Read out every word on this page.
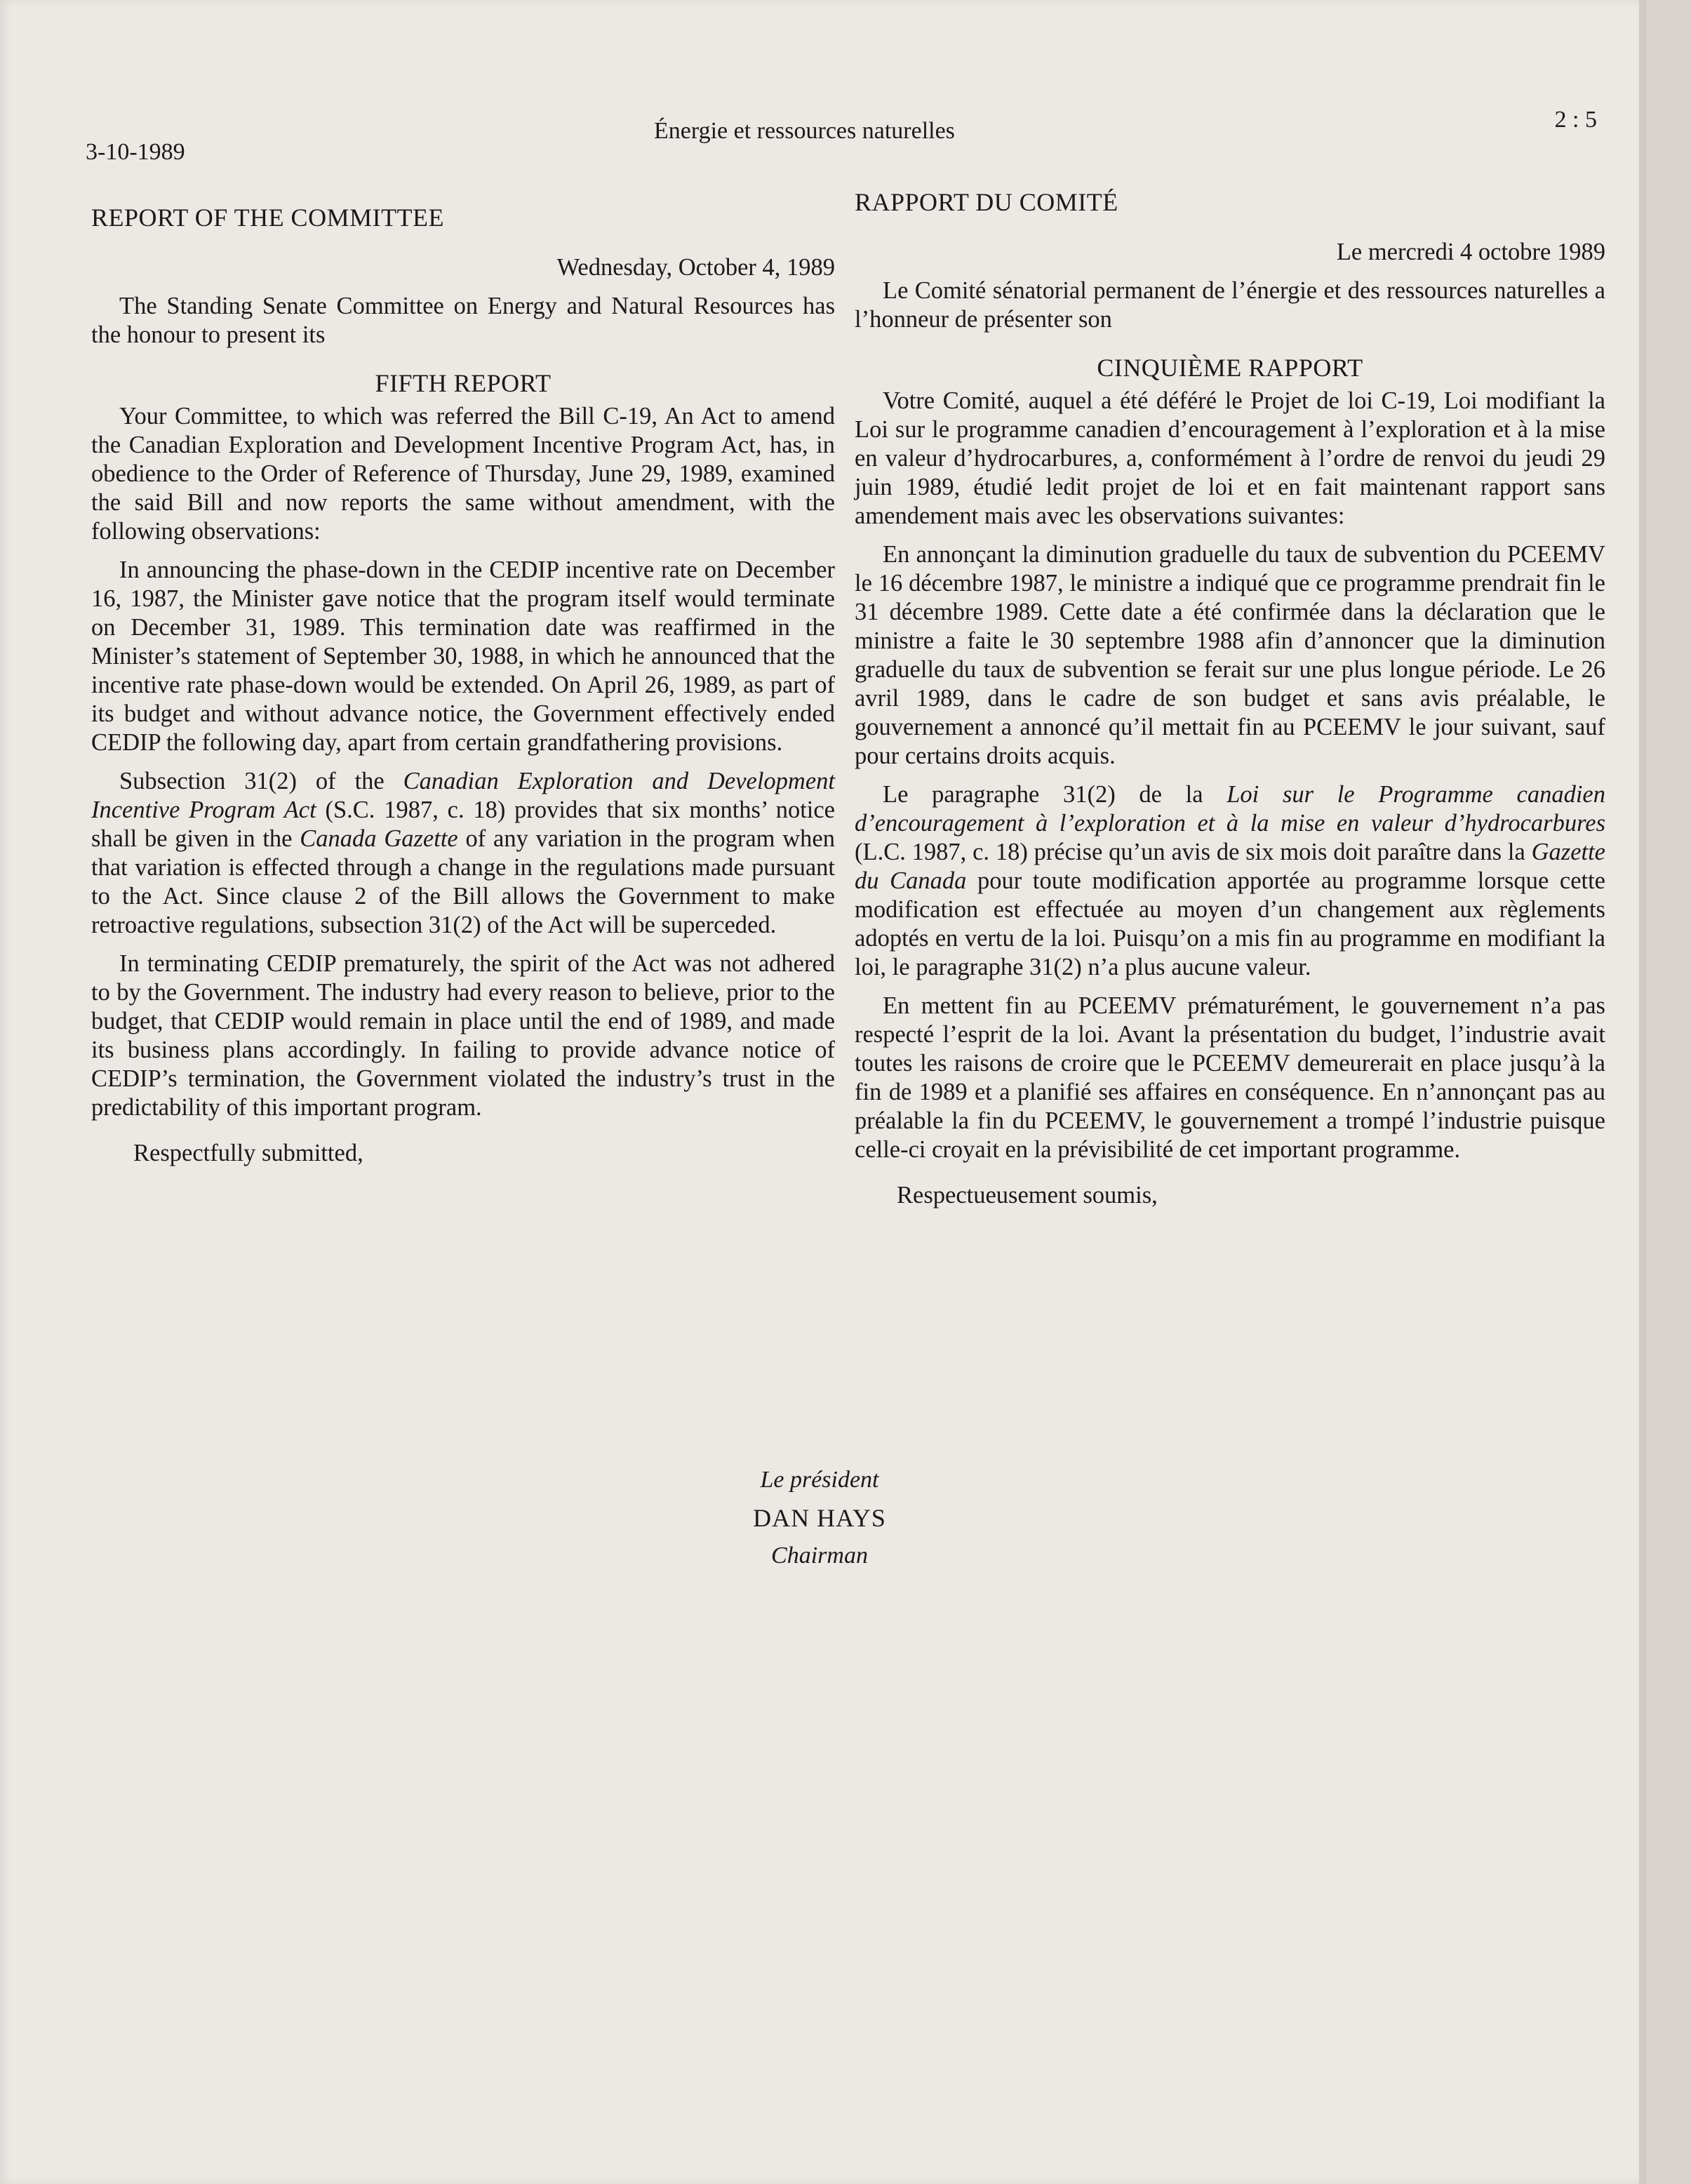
3-10-1989
Énergie et ressources naturelles	2 : 5
REPORT OF THE COMMITTEE
Wednesday, October 4, 1989

The Standing Senate Committee on Energy and Natural Resources has the honour to present its

FIFTH REPORT

Your Committee, to which was referred the Bill C-19, An Act to amend the Canadian Exploration and Development Incentive Program Act, has, in obedience to the Order of Reference of Thursday, June 29, 1989, examined the said Bill and now reports the same without amendment, with the following observations:

In announcing the phase-down in the CEDIP incentive rate on December 16, 1987, the Minister gave notice that the program itself would terminate on December 31, 1989. This termination date was reaffirmed in the Minister’s statement of September 30, 1988, in which he announced that the incentive rate phase-down would be extended. On April 26, 1989, as part of its budget and without advance notice, the Government effectively ended CEDIP the following day, apart from certain grandfathering provisions.

Subsection 31(2) of the Canadian Exploration and Development Incentive Program Act (S.C. 1987, c. 18) provides that six months’ notice shall be given in the Canada Gazette of any variation in the program when that variation is effected through a change in the regulations made pursuant to the Act. Since clause 2 of the Bill allows the Government to make retroactive regulations, subsection 31(2) of the Act will be superceded.

In terminating CEDIP prematurely, the spirit of the Act was not adhered to by the Government. The industry had every reason to believe, prior to the budget, that CEDIP would remain in place until the end of 1989, and made its business plans accordingly. In failing to provide advance notice of CEDIP’s termination, the Government violated the industry’s trust in the predictability of this important program.

Respectfully submitted,

RAPPORT DU COMITÉ
Le mercredi 4 octobre 1989

Le Comité sénatorial permanent de l’énergie et des ressources naturelles a l’honneur de présenter son

CINQUIÈME RAPPORT

Votre Comité, auquel a été déféré le Projet de loi C-19, Loi modifiant la Loi sur le programme canadien d’encouragement à l’exploration et à la mise en valeur d’hydrocarbures, a, conformément à l’ordre de renvoi du jeudi 29 juin 1989, étudié ledit projet de loi et en fait maintenant rapport sans amendement mais avec les observations suivantes:

En annonçant la diminution graduelle du taux de subvention du PCEEMV le 16 décembre 1987, le ministre a indiqué que ce programme prendrait fin le 31 décembre 1989. Cette date a été confirmée dans la déclaration que le ministre a faite le 30 septembre 1988 afin d’annoncer que la diminution graduelle du taux de subvention se ferait sur une plus longue période. Le 26 avril 1989, dans le cadre de son budget et sans avis préalable, le gouvernement a annoncé qu’il mettait fin au PCEEMV le jour suivant, sauf pour certains droits acquis.

Le paragraphe 31(2) de la Loi sur le Programme canadien d’encouragement à l’exploration et à la mise en valeur d’hydrocarbures (L.C. 1987, c. 18) précise qu’un avis de six mois doit paraître dans la Gazette du Canada pour toute modification apportée au programme lorsque cette modification est effectuée au moyen d’un changement aux règlements adoptés en vertu de la loi. Puisqu’on a mis fin au programme en modifiant la loi, le paragraphe 31(2) n’a plus aucune valeur.

En mettent fin au PCEEMV prématurément, le gouvernement n’a pas respecté l’esprit de la loi. Avant la présentation du budget, l’industrie avait toutes les raisons de croire que le PCEEMV demeurerait en place jusqu’à la fin de 1989 et a planifié ses affaires en conséquence. En n’annonçant pas au préalable la fin du PCEEMV, le gouvernement a trompé l’industrie puisque celle-ci croyait en la prévisibilité de cet important programme.

Respectueusement soumis,

Le président
DAN HAYS
Chairman
